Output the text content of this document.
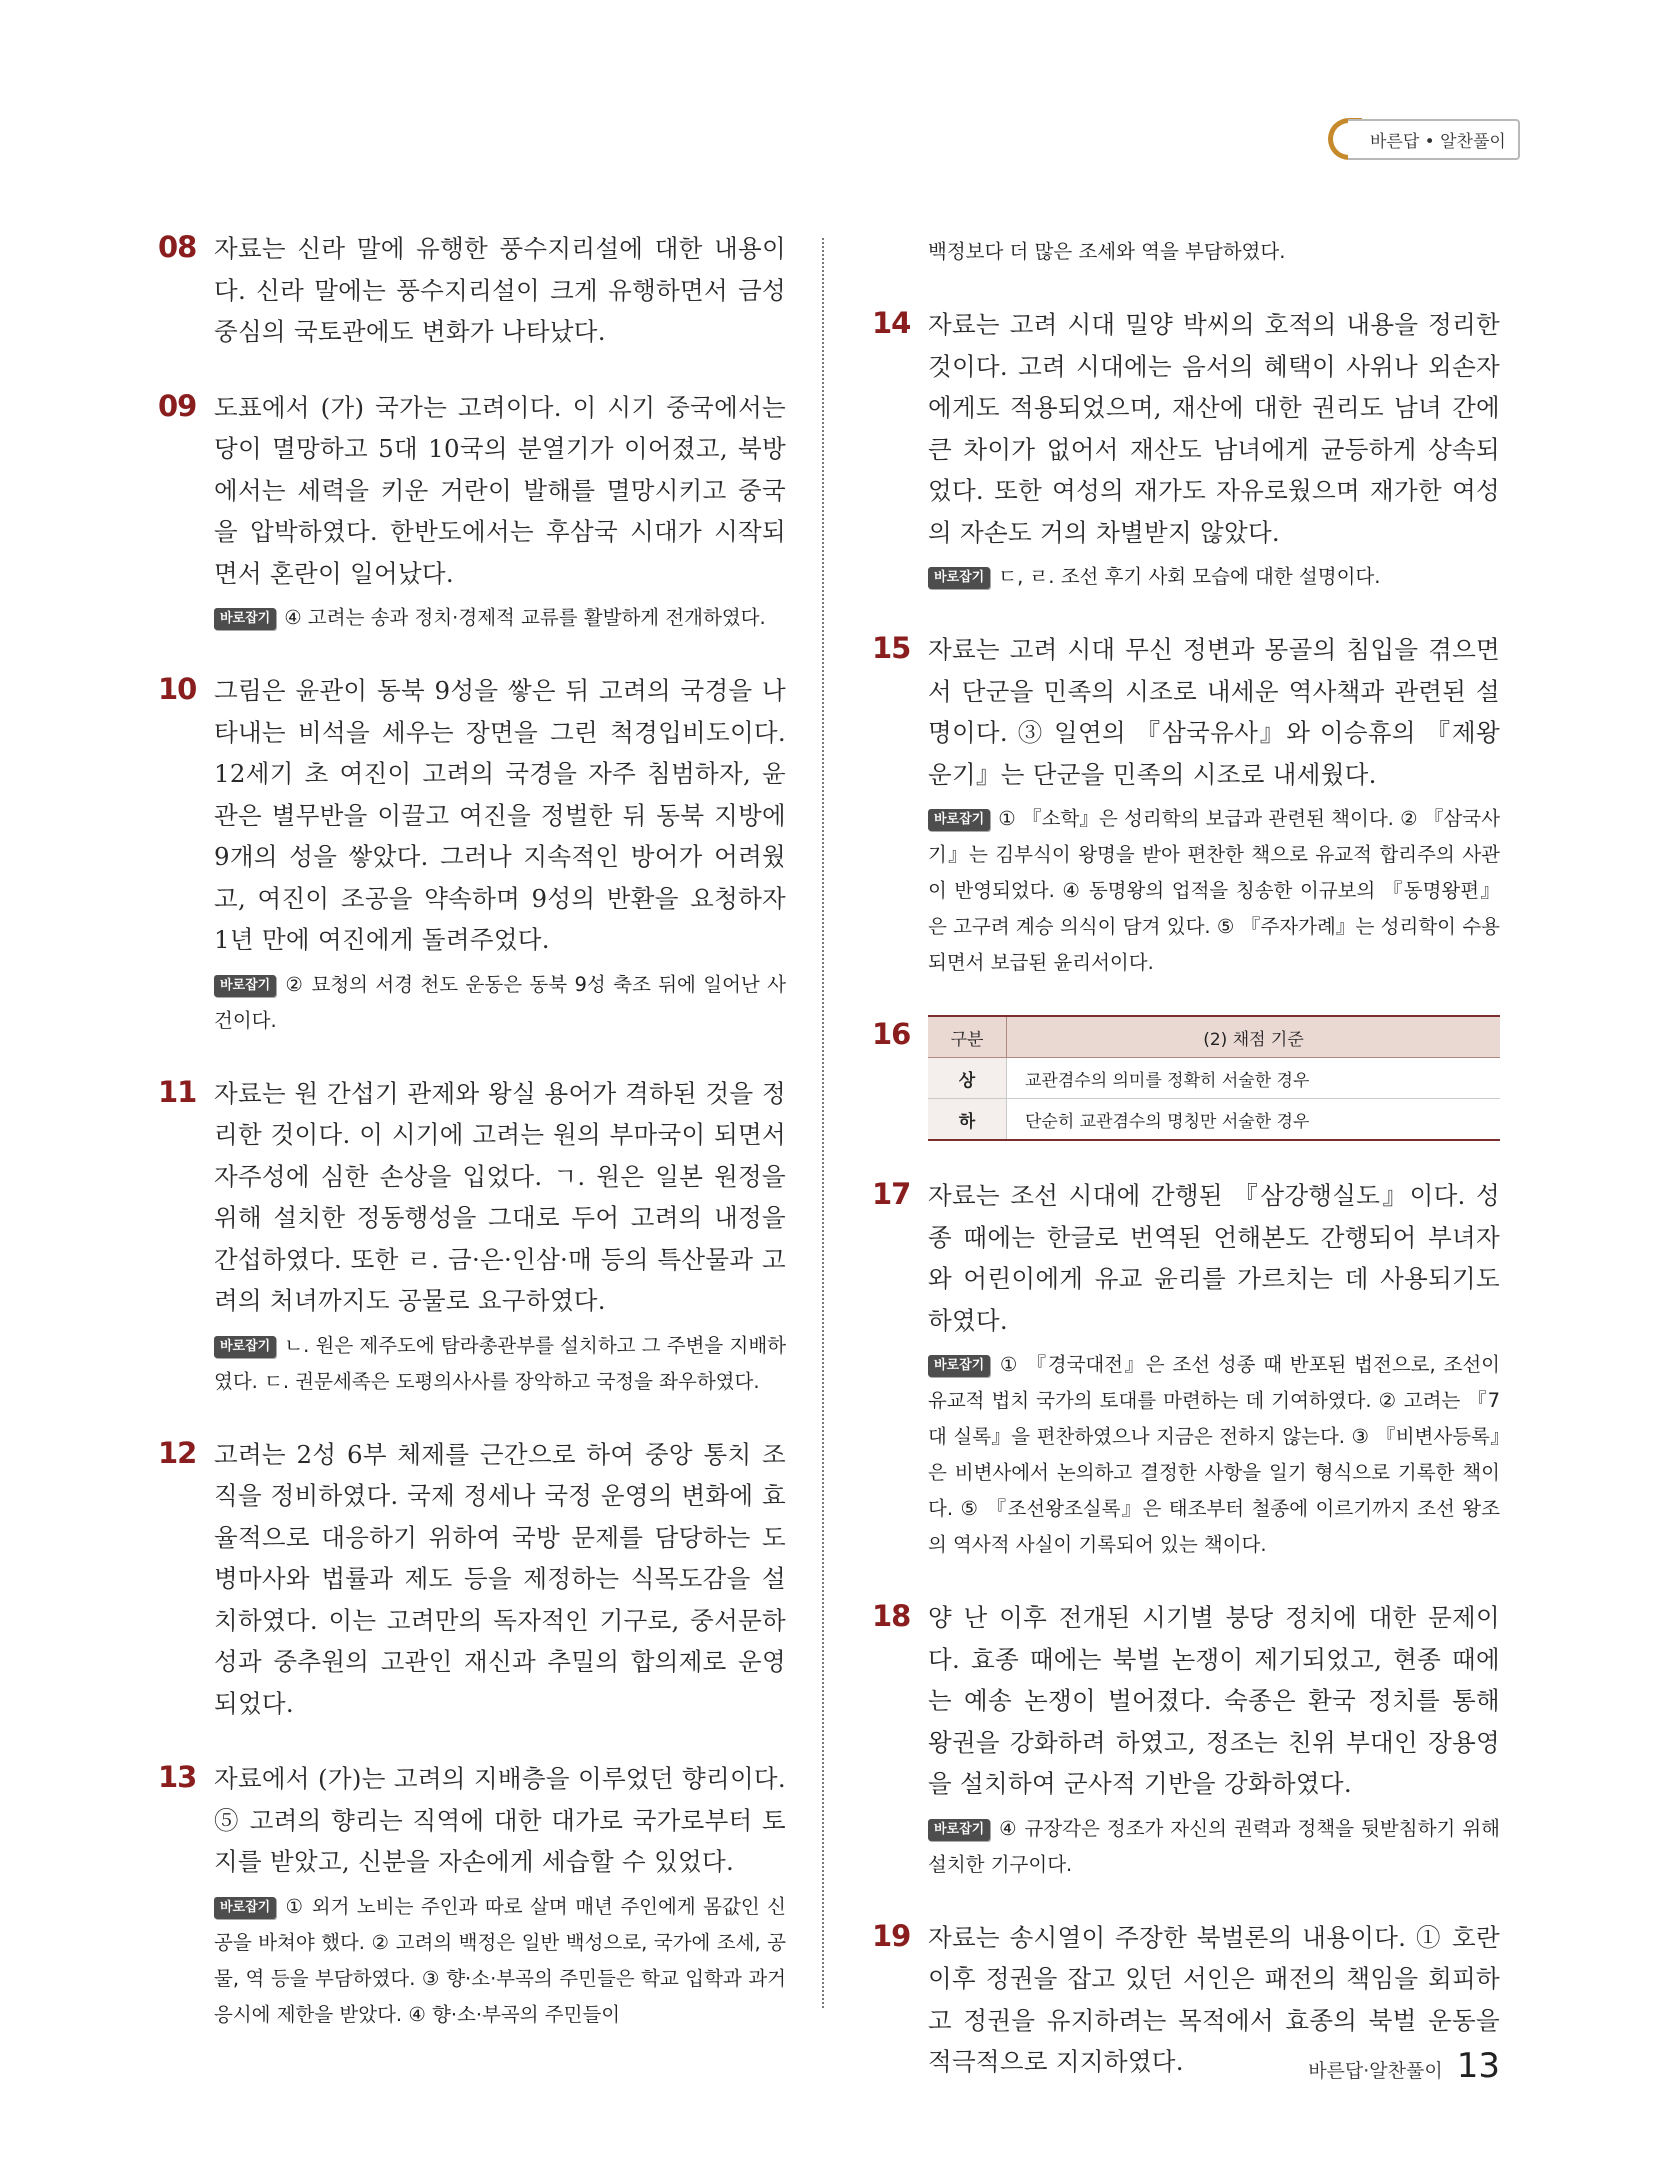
바른답 • 알찬풀이
08 자료는 신라 말에 유행한 풍수지리설에 대한 내용이다. 신라 말에는 풍수지리설이 크게 유행하면서 금성 중심의 국토관에도 변화가 나타났다.
09 도표에서 (가) 국가는 고려이다. 이 시기 중국에서는 당이 멸망하고 5대 10국의 분열기가 이어졌고, 북방에서는 세력을 키운 거란이 발해를 멸망시키고 중국을 압박하였다. 한반도에서는 후삼국 시대가 시작되면서 혼란이 일어났다.
바로잡기 ④ 고려는 송과 정치·경제적 교류를 활발하게 전개하였다.
10 그림은 윤관이 동북 9성을 쌓은 뒤 고려의 국경을 나타내는 비석을 세우는 장면을 그린 척경입비도이다. 12세기 초 여진이 고려의 국경을 자주 침범하자, 윤관은 별무반을 이끌고 여진을 정벌한 뒤 동북 지방에 9개의 성을 쌓았다. 그러나 지속적인 방어가 어려웠고, 여진이 조공을 약속하며 9성의 반환을 요청하자 1년 만에 여진에게 돌려주었다.
바로잡기 ② 묘청의 서경 천도 운동은 동북 9성 축조 뒤에 일어난 사건이다.
11 자료는 원 간섭기 관제와 왕실 용어가 격하된 것을 정리한 것이다. 이 시기에 고려는 원의 부마국이 되면서 자주성에 심한 손상을 입었다. ㄱ. 원은 일본 원정을 위해 설치한 정동행성을 그대로 두어 고려의 내정을 간섭하였다. 또한 ㄹ. 금·은·인삼·매 등의 특산물과 고려의 처녀까지도 공물로 요구하였다.
바로잡기 ㄴ. 원은 제주도에 탐라총관부를 설치하고 그 주변을 지배하였다. ㄷ. 권문세족은 도평의사사를 장악하고 국정을 좌우하였다.
12 고려는 2성 6부 체제를 근간으로 하여 중앙 통치 조직을 정비하였다. 국제 정세나 국정 운영의 변화에 효율적으로 대응하기 위하여 국방 문제를 담당하는 도병마사와 법률과 제도 등을 제정하는 식목도감을 설치하였다. 이는 고려만의 독자적인 기구로, 중서문하성과 중추원의 고관인 재신과 추밀의 합의제로 운영되었다.
13 자료에서 (가)는 고려의 지배층을 이루었던 향리이다. ⑤ 고려의 향리는 직역에 대한 대가로 국가로부터 토지를 받았고, 신분을 자손에게 세습할 수 있었다.
바로잡기 ① 외거 노비는 주인과 따로 살며 매년 주인에게 몸값인 신공을 바쳐야 했다. ② 고려의 백정은 일반 백성으로, 국가에 조세, 공물, 역 등을 부담하였다. ③ 향·소·부곡의 주민들은 학교 입학과 과거 응시에 제한을 받았다. ④ 향·소·부곡의 주민들이
백정보다 더 많은 조세와 역을 부담하였다.
14 자료는 고려 시대 밀양 박씨의 호적의 내용을 정리한 것이다. 고려 시대에는 음서의 혜택이 사위나 외손자에게도 적용되었으며, 재산에 대한 권리도 남녀 간에 큰 차이가 없어서 재산도 남녀에게 균등하게 상속되었다. 또한 여성의 재가도 자유로웠으며 재가한 여성의 자손도 거의 차별받지 않았다.
바로잡기 ㄷ, ㄹ. 조선 후기 사회 모습에 대한 설명이다.
15 자료는 고려 시대 무신 정변과 몽골의 침입을 겪으면서 단군을 민족의 시조로 내세운 역사책과 관련된 설명이다. ③ 일연의 『삼국유사』와 이승휴의 『제왕운기』는 단군을 민족의 시조로 내세웠다.
바로잡기 ① 『소학』은 성리학의 보급과 관련된 책이다. ② 『삼국사기』는 김부식이 왕명을 받아 편찬한 책으로 유교적 합리주의 사관이 반영되었다. ④ 동명왕의 업적을 칭송한 이규보의 『동명왕편』은 고구려 계승 의식이 담겨 있다. ⑤ 『주자가례』는 성리학이 수용되면서 보급된 윤리서이다.
16	구분	(2) 채점 기준
상	교관겸수의 의미를 정확히 서술한 경우
하	단순히 교관겸수의 명칭만 서술한 경우
17 자료는 조선 시대에 간행된 『삼강행실도』이다. 성종 때에는 한글로 번역된 언해본도 간행되어 부녀자와 어린이에게 유교 윤리를 가르치는 데 사용되기도 하였다.
바로잡기 ① 『경국대전』은 조선 성종 때 반포된 법전으로, 조선이 유교적 법치 국가의 토대를 마련하는 데 기여하였다. ② 고려는 『7대 실록』을 편찬하였으나 지금은 전하지 않는다. ③ 『비변사등록』은 비변사에서 논의하고 결정한 사항을 일기 형식으로 기록한 책이다. ⑤ 『조선왕조실록』은 태조부터 철종에 이르기까지 조선 왕조의 역사적 사실이 기록되어 있는 책이다.
18 양 난 이후 전개된 시기별 붕당 정치에 대한 문제이다. 효종 때에는 북벌 논쟁이 제기되었고, 현종 때에는 예송 논쟁이 벌어졌다. 숙종은 환국 정치를 통해 왕권을 강화하려 하였고, 정조는 친위 부대인 장용영을 설치하여 군사적 기반을 강화하였다.
바로잡기 ④ 규장각은 정조가 자신의 권력과 정책을 뒷받침하기 위해 설치한 기구이다.
19 자료는 송시열이 주장한 북벌론의 내용이다. ① 호란 이후 정권을 잡고 있던 서인은 패전의 책임을 회피하고 정권을 유지하려는 목적에서 효종의 북벌 운동을 적극적으로 지지하였다.	바른답·알찬풀이 13
